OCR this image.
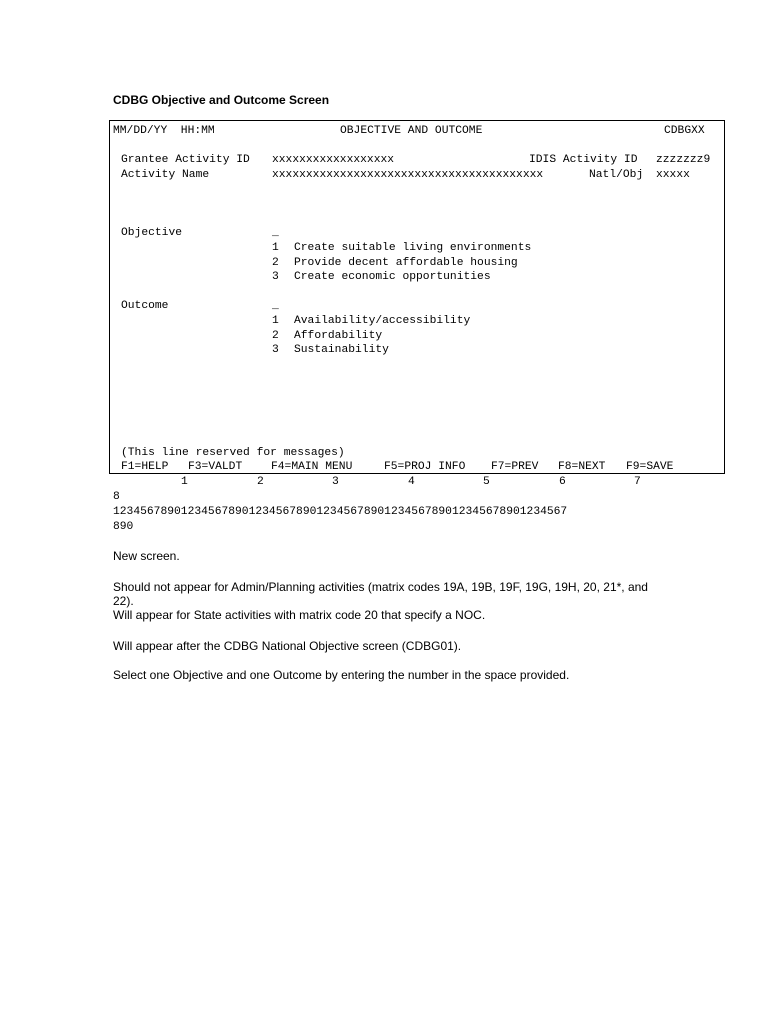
CDBG Objective and Outcome Screen
MM/DD/YY  HH:MM	OBJECTIVE AND OUTCOME	CDBGXX
Grantee Activity ID xxxxxxxxxxxxxxxxxx	IDIS Activity ID zzzzzzz9
Activity Name	xxxxxxxxxxxxxxxxxxxxxxxxxxxxxxxxxxxxxxxx	Natl/Obj xxxxx
Objective	_
1 Create suitable living environments
2 Provide decent affordable housing
3 Create economic opportunities
Outcome	_
1 Availability/accessibility
2 Affordability
3 Sustainability
(This line reserved for messages)
F1=HELP F3=VALDT	F4=MAIN MENU	F5=PROJ INFO F7=PREV F8=NEXT F9=SAVE
1	2	3	4	5	6	7
8
1234567890123456789012345678901234567890123456789012345678901234567
890
New screen.
Should not appear for Admin/Planning activities (matrix codes 19A, 19B, 19F, 19G, 19H, 20, 21*, and 22).
Will appear for State activities with matrix code 20 that specify a NOC.
Will appear after the CDBG National Objective screen (CDBG01).
Select one Objective and one Outcome by entering the number in the space provided.
